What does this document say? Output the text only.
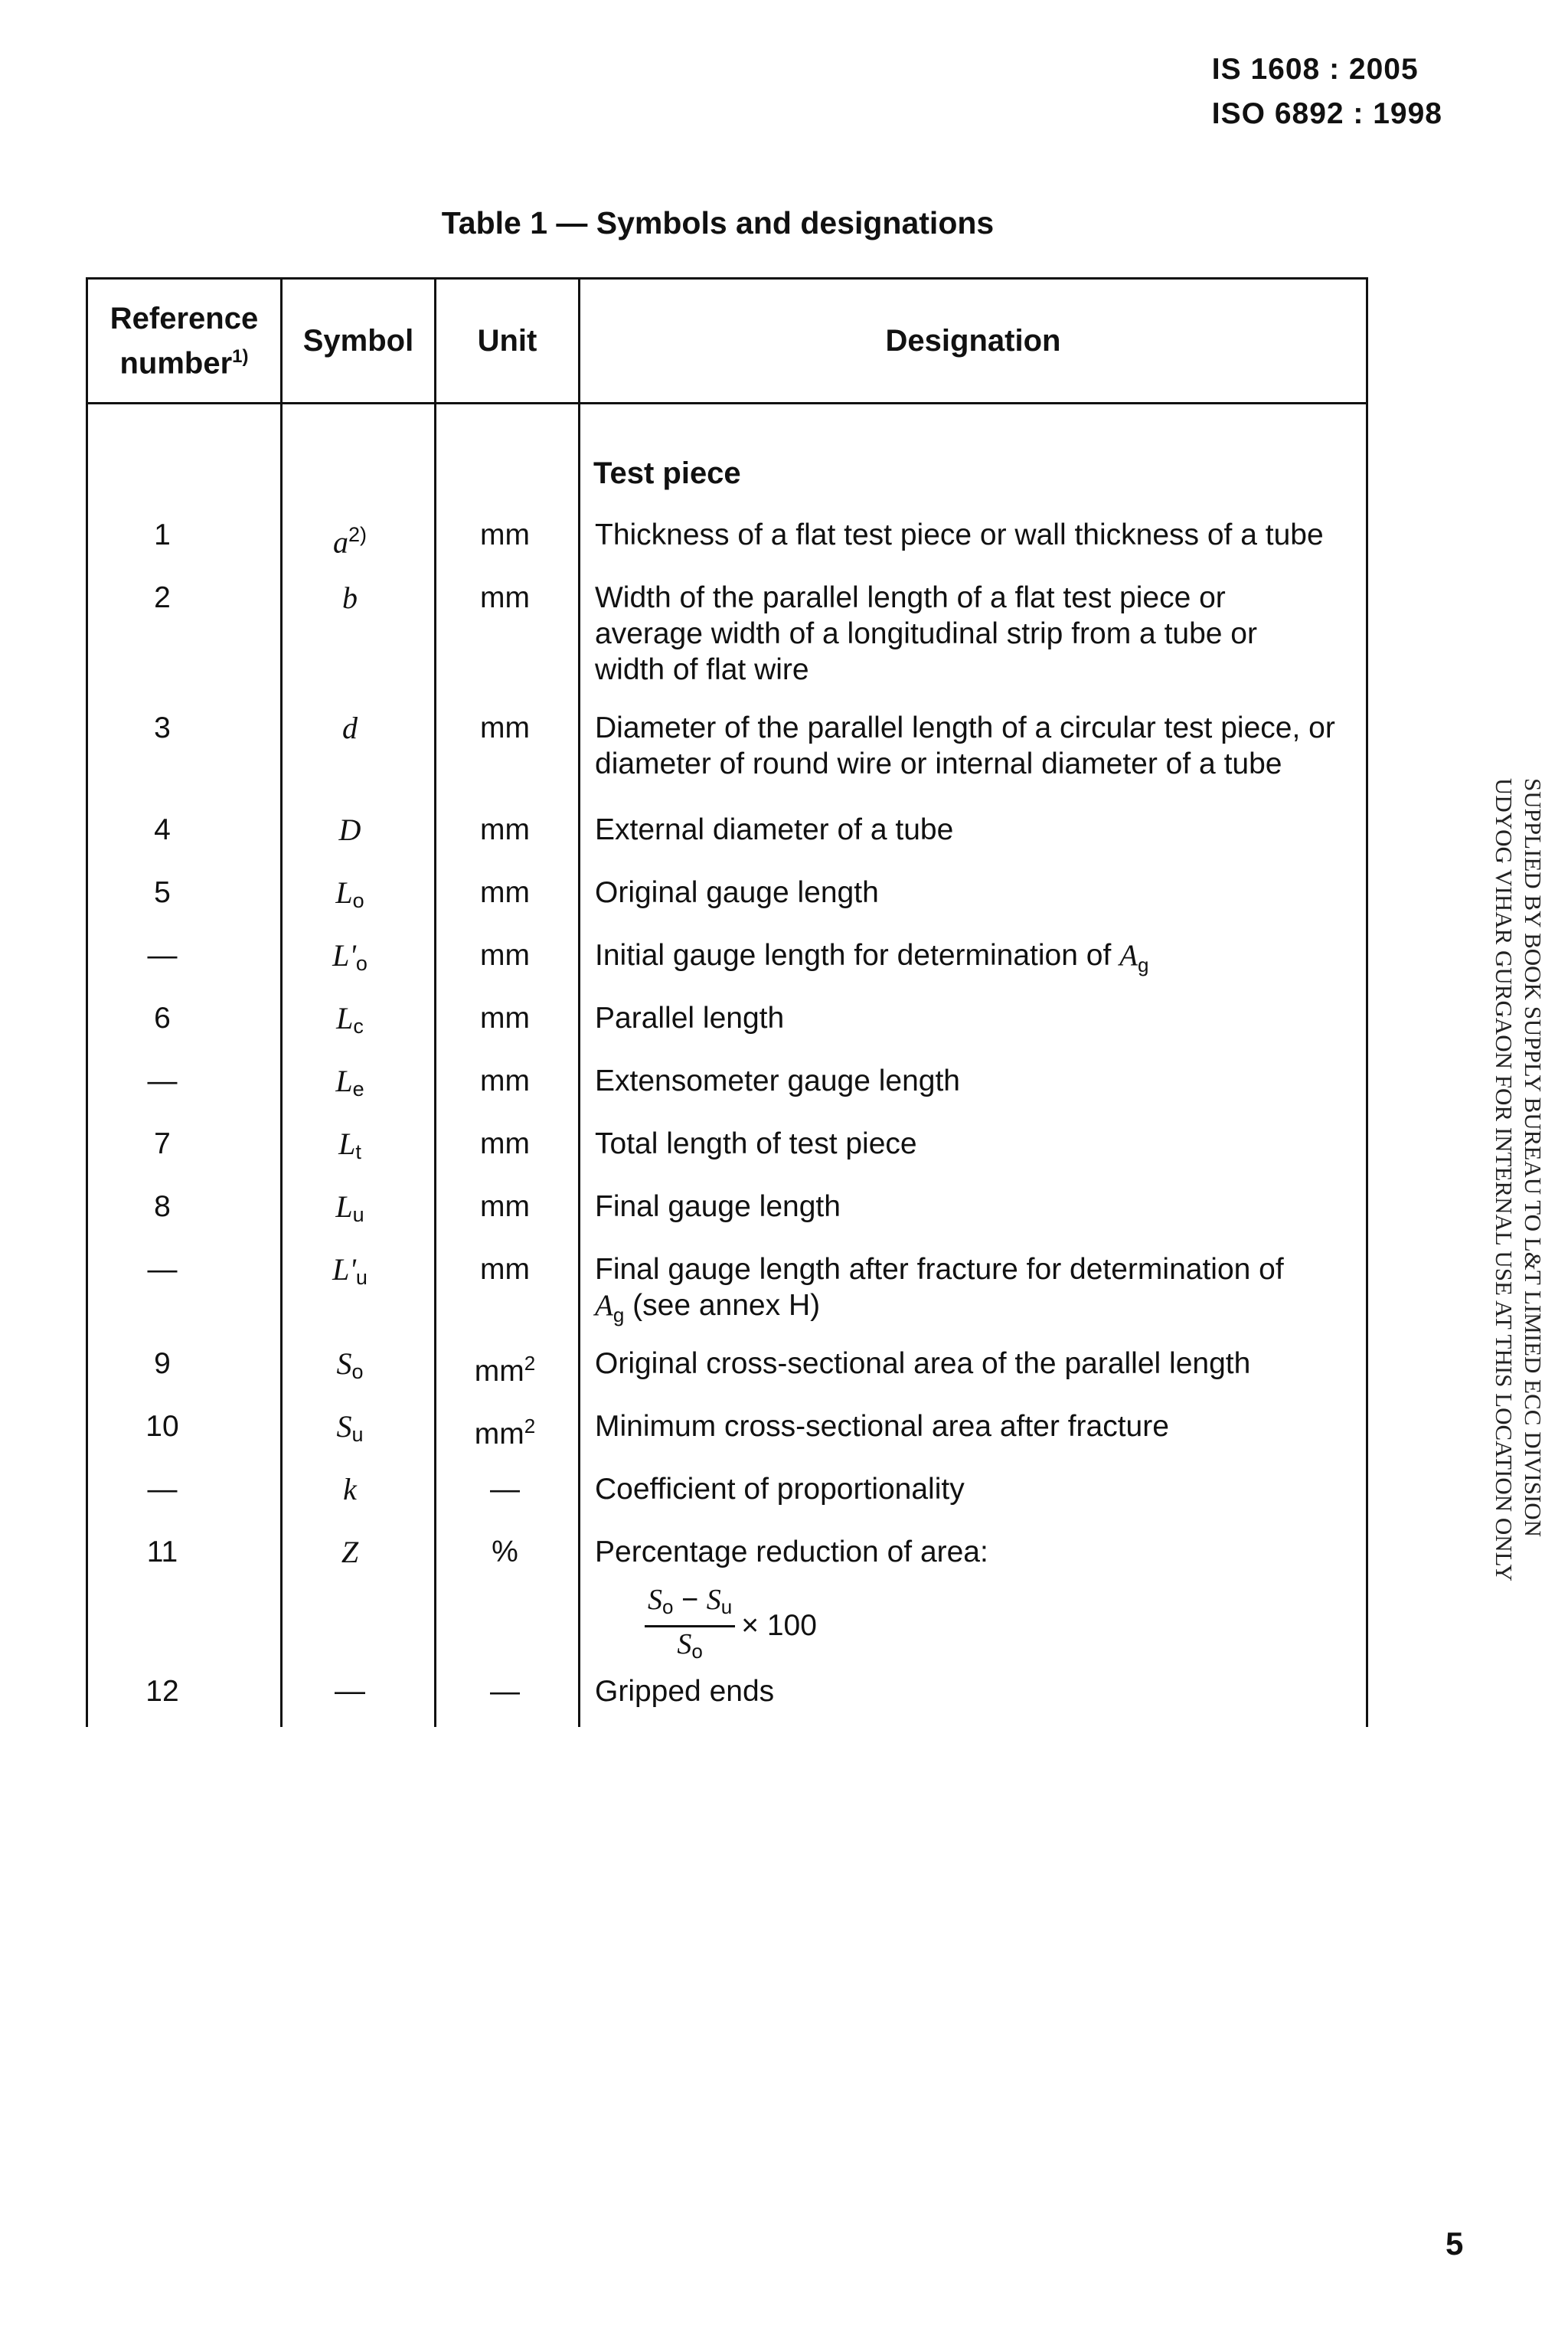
IS 1608 : 2005
ISO 6892 : 1998
Table 1 — Symbols and designations
Reference
number$^{1)}$	Symbol	Unit	Designation
Test piece
1	$a^{2)}$	mm	Thickness of a flat test piece or wall thickness of a tube
2	b	mm	Width of the parallel length of a flat test piece or average width of a longitudinal strip from a tube or width of flat wire
3	d	mm	Diameter of the parallel length of a circular test piece, or diameter of round wire or internal diameter of a tube
4	D	mm	External diameter of a tube
5	$L_o$	mm	Original gauge length
—	$L'_o$	mm	Initial gauge length for determination of $A_g$
6	$L_c$	mm	Parallel length
—	$L_e$	mm	Extensometer gauge length
7	$L_t$	mm	Total length of test piece
8	$L_u$	mm	Final gauge length
—	$L'_u$	mm	Final gauge length after fracture for determination of $A_g$ (see annex H)
9	$S_o$	$mm^2$	Original cross-sectional area of the parallel length
10	$S_u$	$mm^2$	Minimum cross-sectional area after fracture
—	k	—	Coefficient of proportionality
11	Z	%	Percentage reduction of area:
$\frac{S_o - S_u}{S_o} \times 100$
12	—	—	Gripped ends
SUPPLIED BY BOOK SUPPLY BUREAU TO L&T LIMIED ECC DIVISION
UDYOG VIHAR GURGAON FOR INTERNAL USE AT THIS LOCATION ONLY
5
